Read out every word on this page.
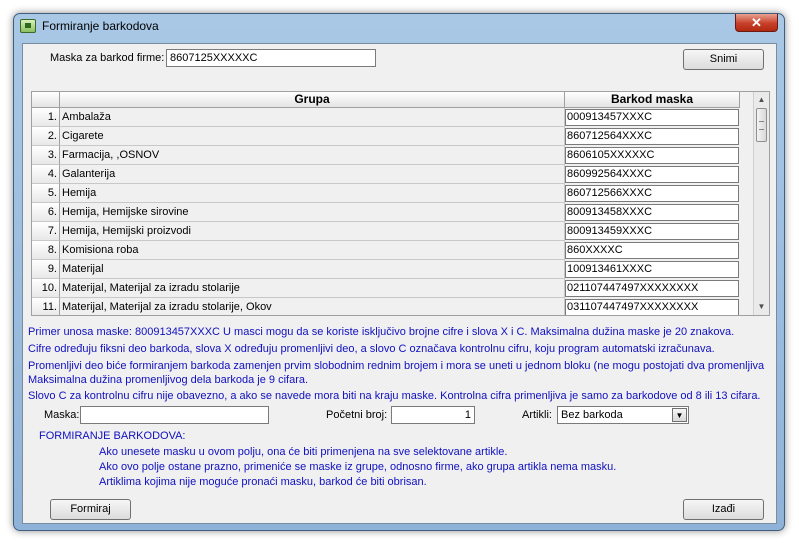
Formiranje barkodova	✕
Maska za barkod firme: 8607125XXXXXC	Snimi
Grupa	Barkod maska
1. Ambalaža	000913457XXXC
2. Cigarete	860712564XXXC
3. Farmacija, ,OSNOV	8606105XXXXXC
4. Galanterija	860992564XXXC
5. Hemija	860712566XXXC
6. Hemija, Hemijske sirovine	800913458XXXC
7. Hemija, Hemijski proizvodi	800913459XXXC
8. Komisiona roba	860XXXXC
9. Materijal	100913461XXXC
10. Materijal, Materijal za izradu stolarije	021107447497XXXXXXXX
11. Materijal, Materijal za izradu stolarije, Okov	031107447497XXXXXXXX
▲
▼
Primer unosa maske: 800913457XXXC U masci mogu da se koriste isključivo brojne cifre i slova X i C. Maksimalna dužina maske je 20 znakova.
Cifre određuju fiksni deo barkoda, slova X određuju promenljivi deo, a slovo C označava kontrolnu cifru, koju program automatski izračunava.
Promenljivi deo biće formiranjem barkoda zamenjen prvim slobodnim rednim brojem i mora se uneti u jednom bloku (ne mogu postojati dva promenljiva
Maksimalna dužina promenljivog dela barkoda je 9 cifara.
Slovo C za kontrolnu cifru nije obavezno, a ako se navede mora biti na kraju maske. Kontrolna cifra primenljiva je samo za barkodove od 8 ili 13 cifara.
Maska:	Početni broj:	1	Artikli: Bez barkoda	▼
FORMIRANJE BARKODOVA:
Ako unesete masku u ovom polju, ona će biti primenjena na sve selektovane artikle.
Ako ovo polje ostane prazno, primeniće se maske iz grupe, odnosno firme, ako grupa artikla nema masku.
Artiklima kojima nije moguće pronaći masku, barkod će biti obrisan.
Formiraj	Izađi
